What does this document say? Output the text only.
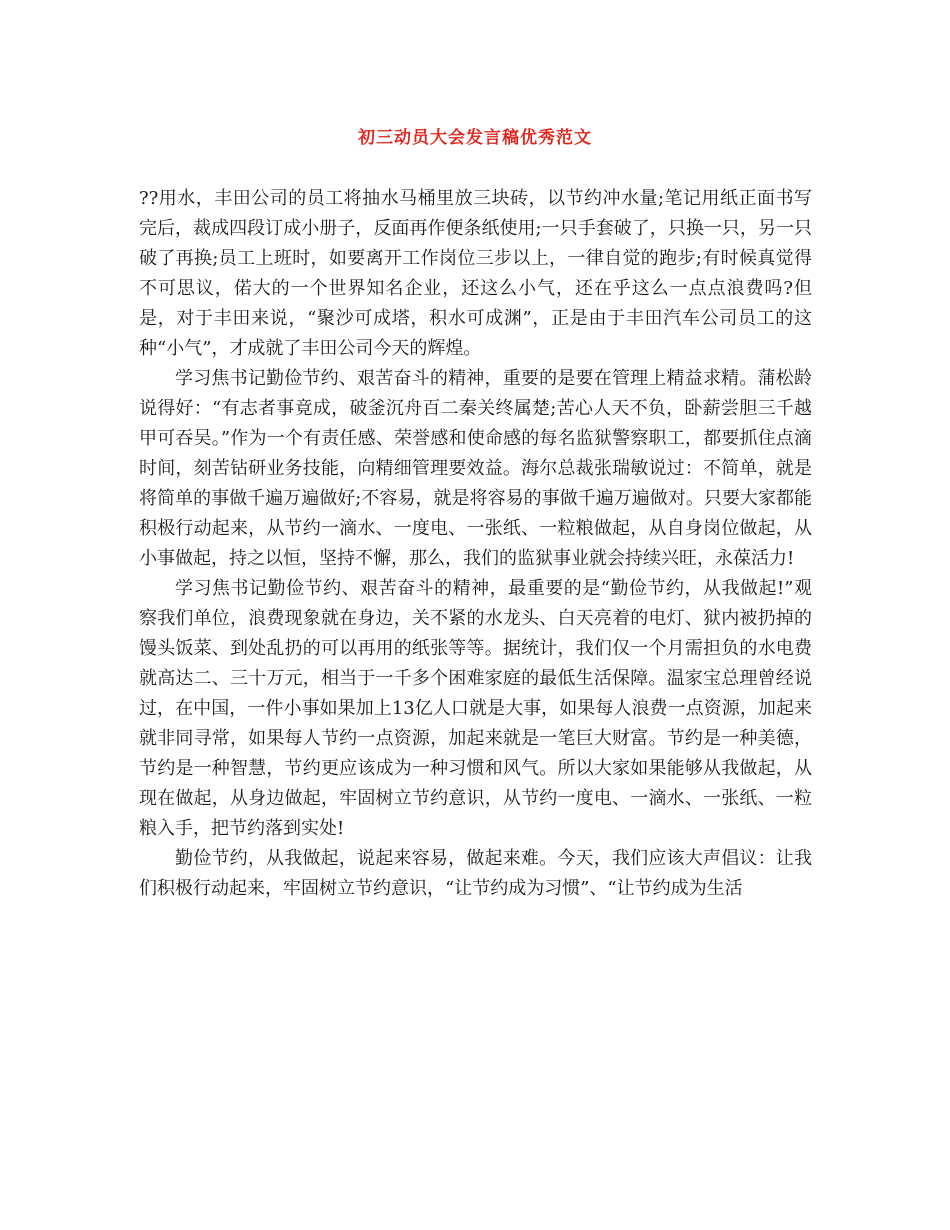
初三动员大会发言稿优秀范文

??用水，丰田公司的员工将抽水马桶里放三块砖，以节约冲水量;笔记用纸正面书写完后，裁成四段订成小册子，反面再作便条纸使用;一只手套破了，只换一只，另一只破了再换;员工上班时，如要离开工作岗位三步以上，一律自觉的跑步;有时候真觉得不可思议，偌大的一个世界知名企业，还这么小气，还在乎这么一点点浪费吗?但是，对于丰田来说，“聚沙可成塔，积水可成渊”，正是由于丰田汽车公司员工的这种“小气”，才成就了丰田公司今天的辉煌。

学习焦书记勤俭节约、艰苦奋斗的精神，重要的是要在管理上精益求精。蒲松龄说得好：“有志者事竟成，破釜沉舟百二秦关终属楚;苦心人天不负，卧薪尝胆三千越甲可吞吴。”作为一个有责任感、荣誉感和使命感的每名监狱警察职工，都要抓住点滴时间，刻苦钻研业务技能，向精细管理要效益。海尔总裁张瑞敏说过：不简单，就是将简单的事做千遍万遍做好;不容易，就是将容易的事做千遍万遍做对。只要大家都能积极行动起来，从节约一滴水、一度电、一张纸、一粒粮做起，从自身岗位做起，从小事做起，持之以恒，坚持不懈，那么，我们的监狱事业就会持续兴旺，永葆活力!

学习焦书记勤俭节约、艰苦奋斗的精神，最重要的是“勤俭节约，从我做起!”观察我们单位，浪费现象就在身边，关不紧的水龙头、白天亮着的电灯、狱内被扔掉的馒头饭菜、到处乱扔的可以再用的纸张等等。据统计，我们仅一个月需担负的水电费就高达二、三十万元，相当于一千多个困难家庭的最低生活保障。温家宝总理曾经说过，在中国，一件小事如果加上13亿人口就是大事，如果每人浪费一点资源，加起来就非同寻常，如果每人节约一点资源，加起来就是一笔巨大财富。节约是一种美德，节约是一种智慧，节约更应该成为一种习惯和风气。所以大家如果能够从我做起，从现在做起，从身边做起，牢固树立节约意识，从节约一度电、一滴水、一张纸、一粒粮入手，把节约落到实处!

勤俭节约，从我做起，说起来容易，做起来难。今天，我们应该大声倡议：让我们积极行动起来，牢固树立节约意识，“让节约成为习惯”、“让节约成为生活
